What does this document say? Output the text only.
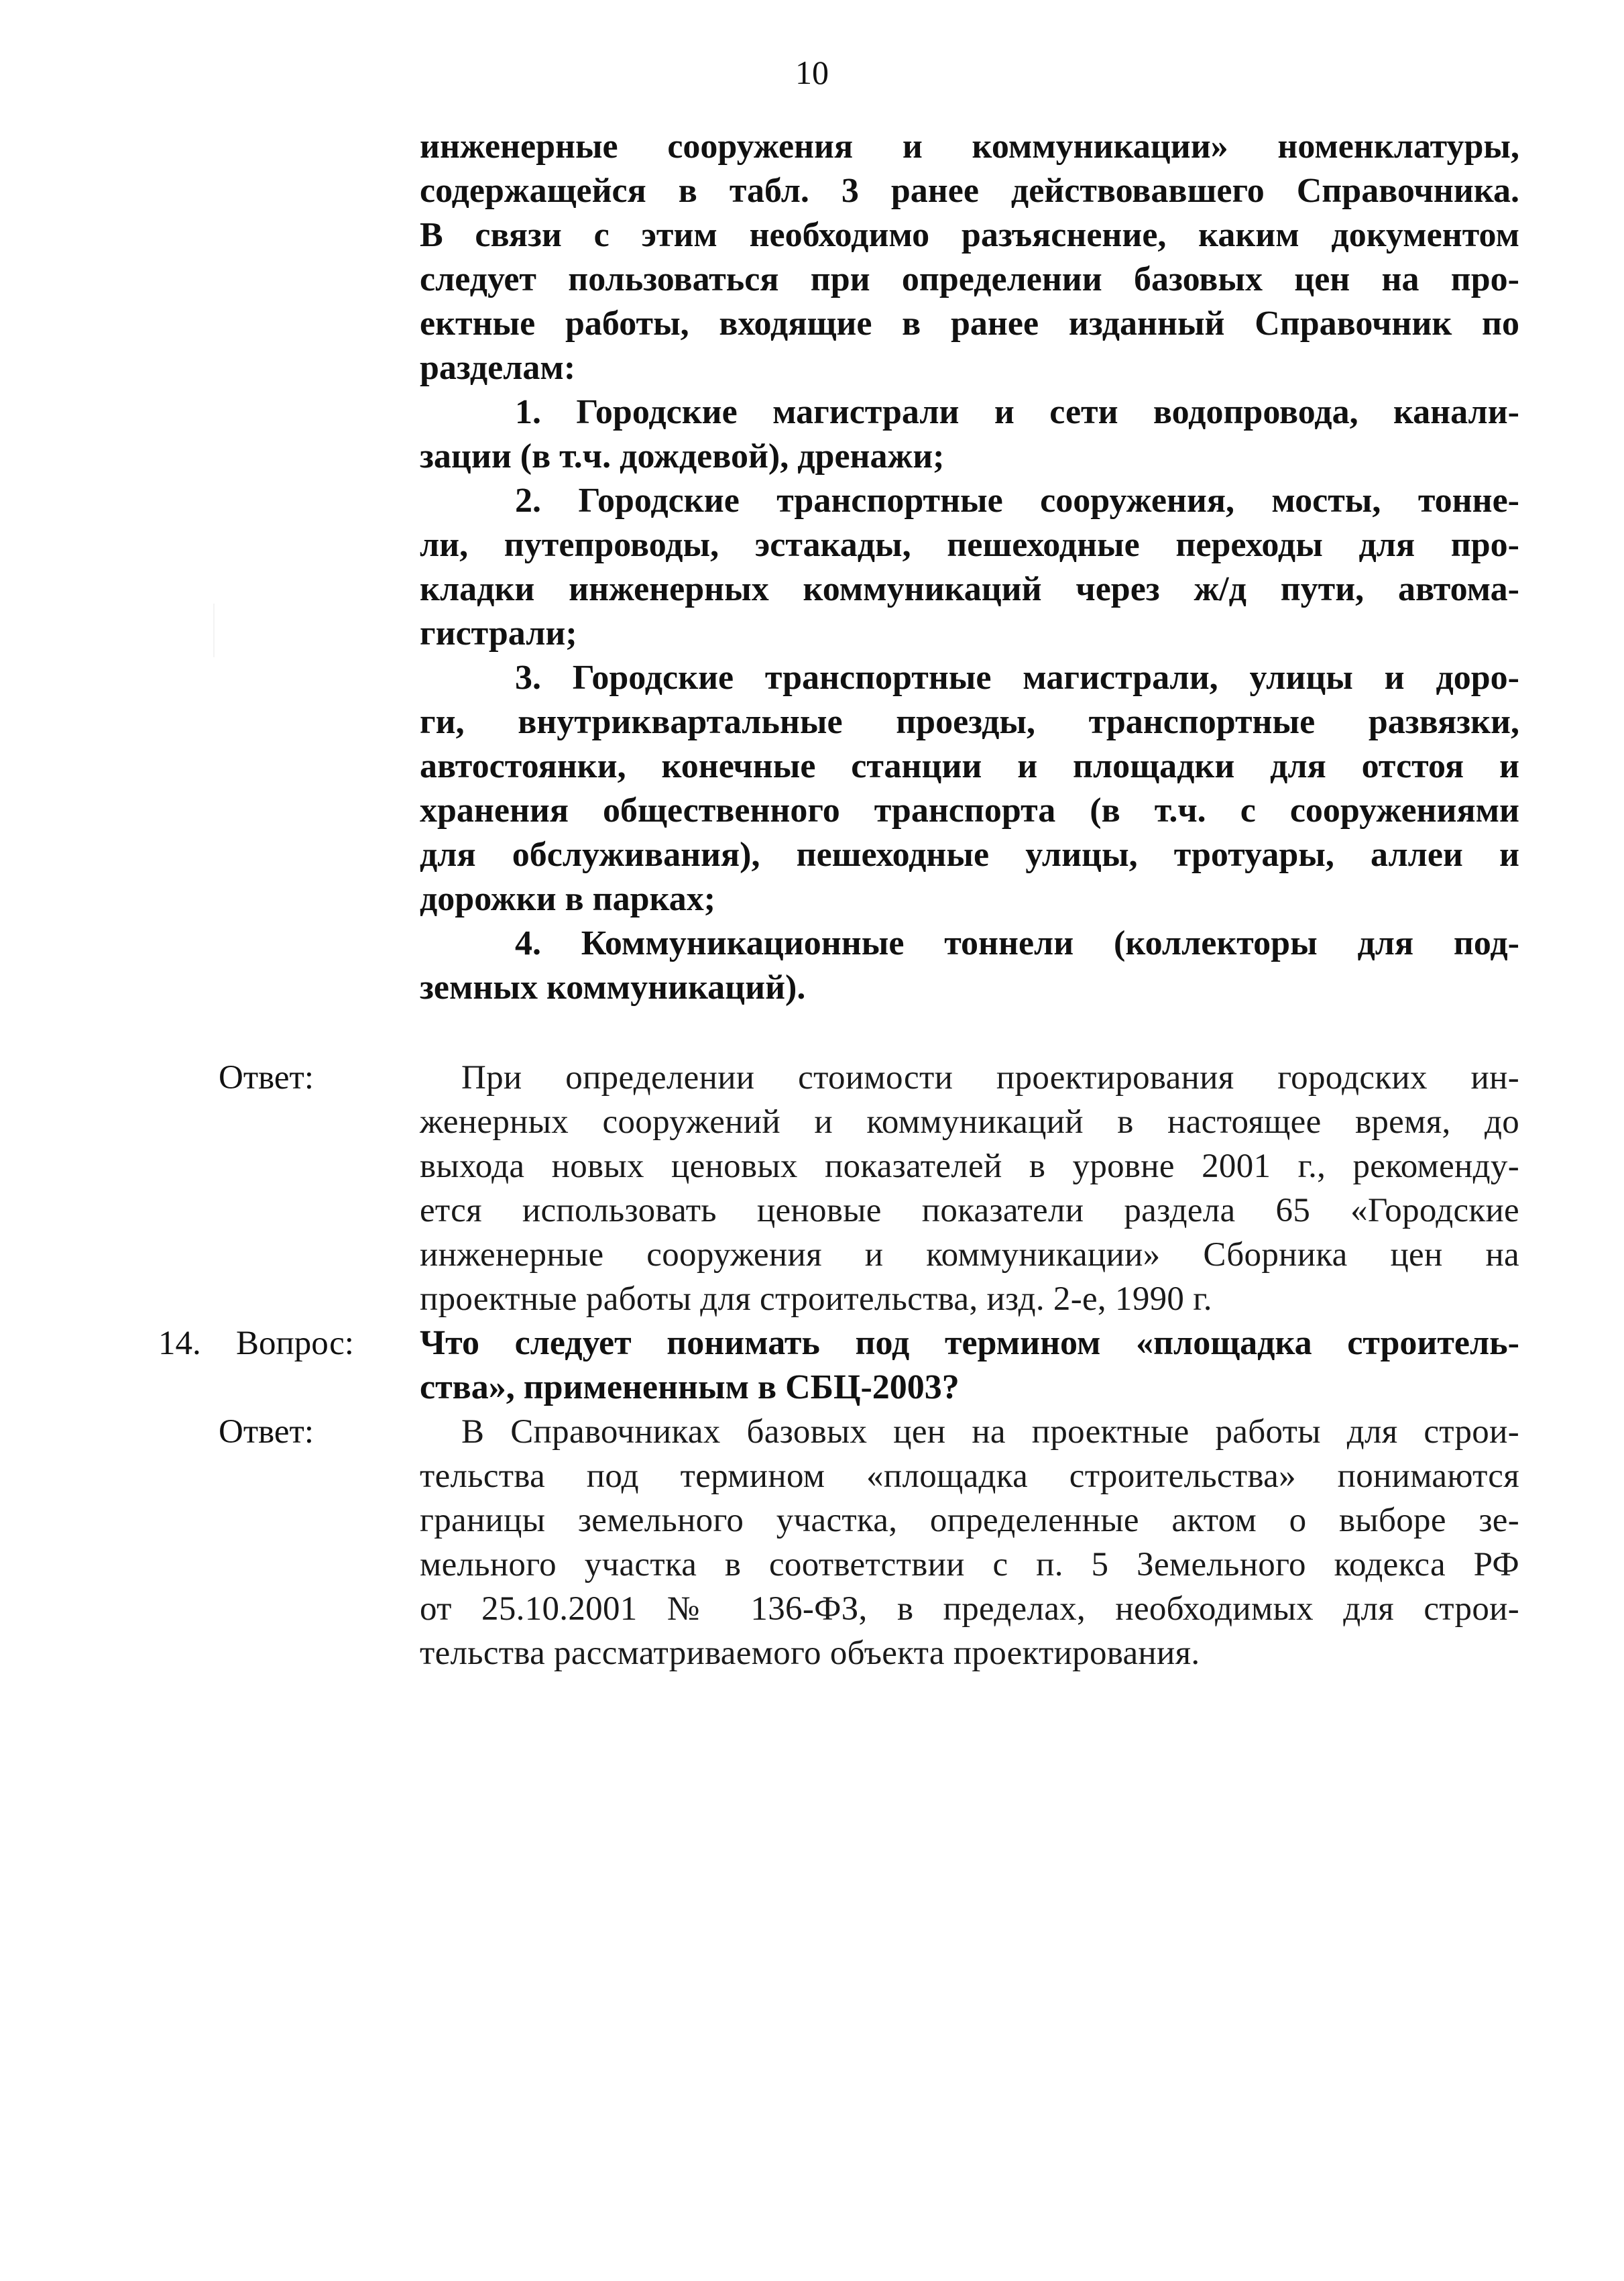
10
инженерные сооружения и коммуникации» номенклатуры,
содержащейся в табл. 3 ранее действовавшего Справочника.
В связи с этим необходимо разъяснение, каким документом
следует пользоваться при определении базовых цен на про-
ектные работы, входящие в ранее изданный Справочник по
разделам:
1. Городские магистрали и сети водопровода, канали-
зации (в т.ч. дождевой), дренажи;
2. Городские транспортные сооружения, мосты, тонне-
ли, путепроводы, эстакады, пешеходные переходы для про-
кладки инженерных коммуникаций через ж/д пути, автома-
гистрали;
3. Городские транспортные магистрали, улицы и доро-
ги, внутриквартальные проезды, транспортные развязки,
автостоянки, конечные станции и площадки для отстоя и
хранения общественного транспорта (в т.ч. с сооружениями
для обслуживания), пешеходные улицы, тротуары, аллеи и
дорожки в парках;
4. Коммуникационные тоннели (коллекторы для под-
земных коммуникаций).
Ответ:	При определении стоимости проектирования городских ин-
женерных сооружений и коммуникаций в настоящее время, до
выхода новых ценовых показателей в уровне 2001 г., рекоменду-
ется использовать ценовые показатели раздела 65 «Городские
инженерные сооружения и коммуникации» Сборника цен на
проектные работы для строительства, изд. 2-е, 1990 г.
14. Вопрос: Что следует понимать под термином «площадка строитель-
ства», примененным в СБЦ-2003?
Ответ:	В Справочниках базовых цен на проектные работы для строи-
тельства под термином «площадка строительства» понимаются
границы земельного участка, определенные актом о выборе зе-
мельного участка в соответствии с п. 5 Земельного кодекса РФ
от 25.10.2001 № 136-ФЗ, в пределах, необходимых для строи-
тельства рассматриваемого объекта проектирования.
